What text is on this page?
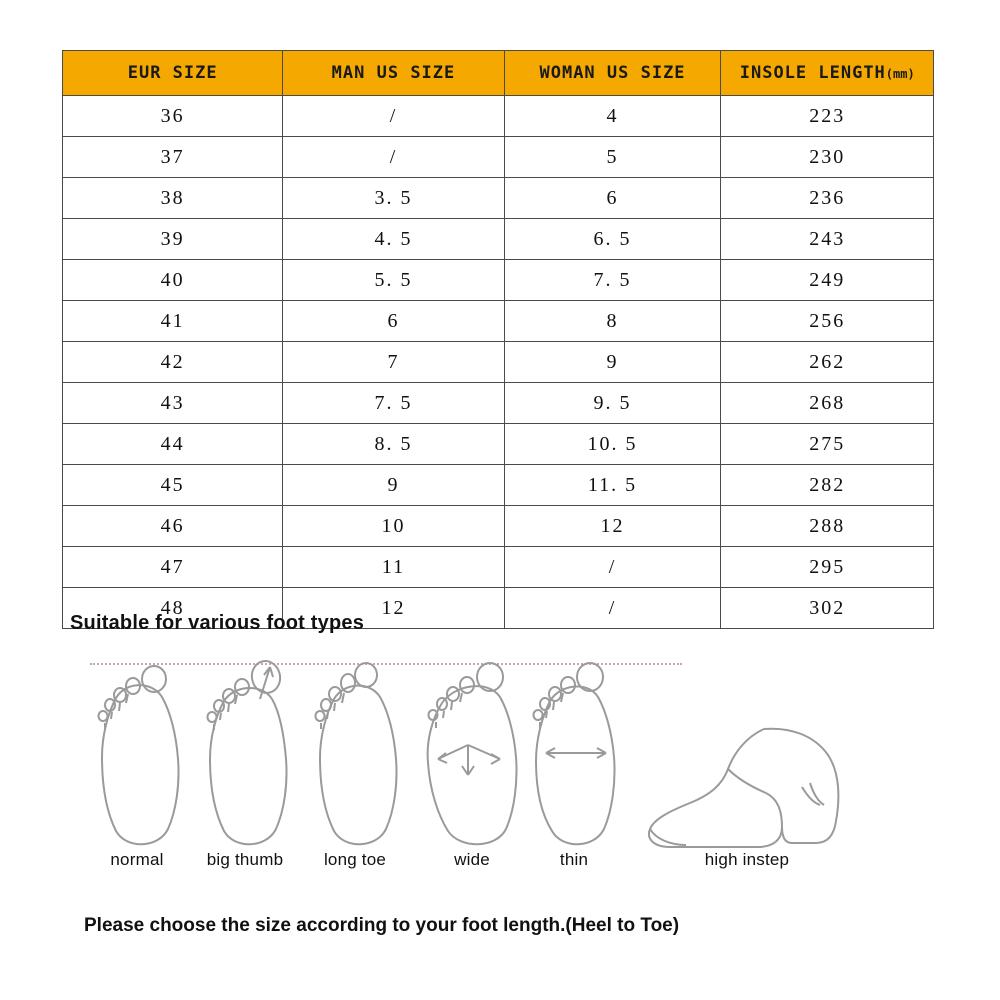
EUR SIZE	MAN US SIZE	WOMAN US SIZE	INSOLE LENGTH(mm)
36	/	4	223
37	/	5	230
38	3. 5	6	236
39	4. 5	6. 5	243
40	5. 5	7. 5	249
41	6	8	256
42	7	9	262
43	7. 5	9. 5	268
44	8. 5	10. 5	275
45	9	11. 5	282
46	10	12	288
47	11	/	295
48	12	/	302
Suitable for various foot types
normal	big thumb	long toe	wide	thin	high instep
Please choose the size according to your foot length.(Heel to Toe)
